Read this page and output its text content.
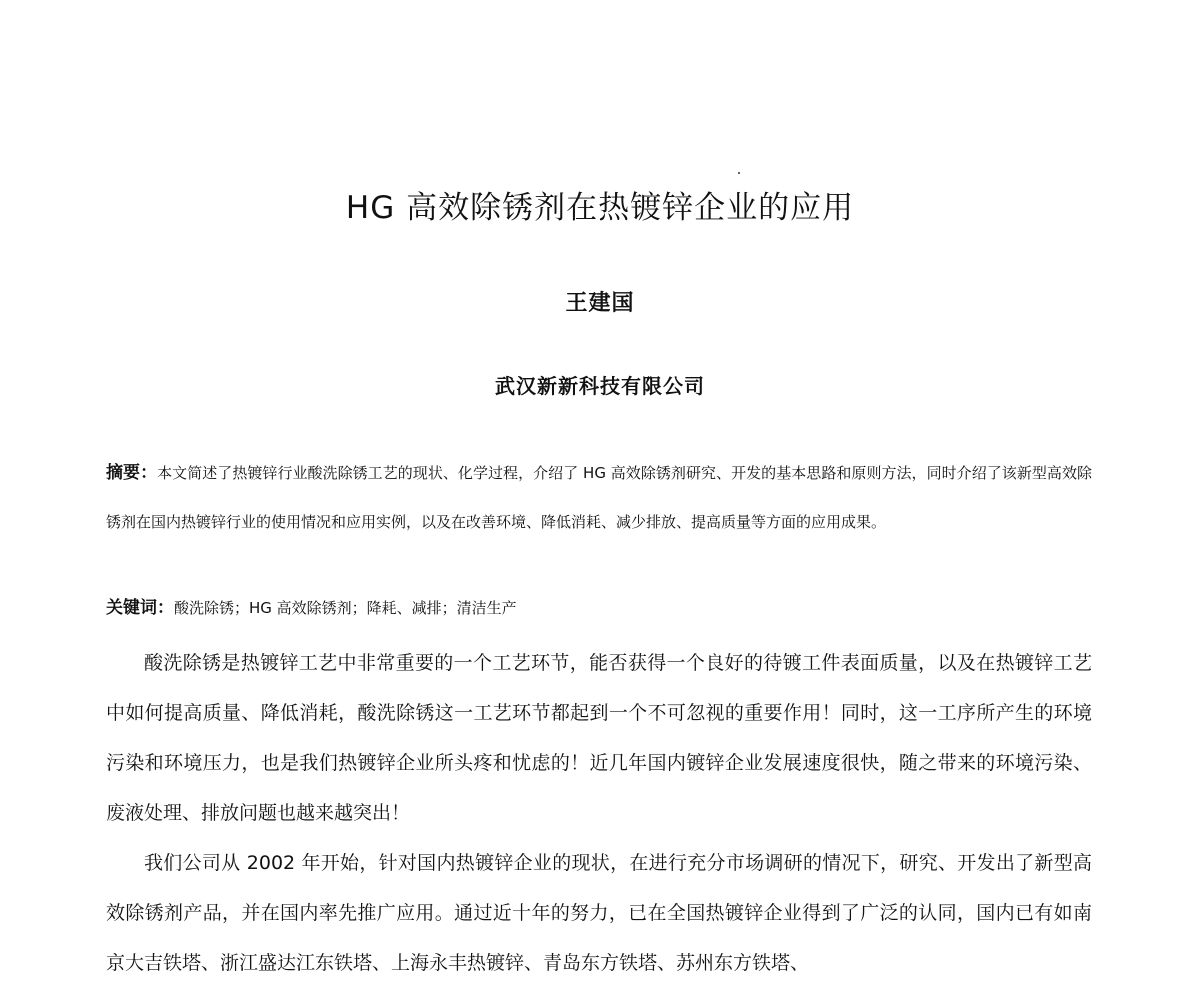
HG 高效除锈剂在热镀锌企业的应用
王建国
武汉新新科技有限公司
摘要：本文简述了热镀锌行业酸洗除锈工艺的现状、化学过程，介绍了 HG 高效除锈剂研究、开发的基本思路和原则方法，同时介绍了该新型高效除锈剂在国内热镀锌行业的使用情况和应用实例，以及在改善环境、降低消耗、减少排放、提高质量等方面的应用成果。
关键词：酸洗除锈；HG 高效除锈剂；降耗、减排；清洁生产

酸洗除锈是热镀锌工艺中非常重要的一个工艺环节，能否获得一个良好的待镀工件表面质量，以及在热镀锌工艺中如何提高质量、降低消耗，酸洗除锈这一工艺环节都起到一个不可忽视的重要作用！同时，这一工序所产生的环境污染和环境压力，也是我们热镀锌企业所头疼和忧虑的！近几年国内镀锌企业发展速度很快，随之带来的环境污染、废液处理、排放问题也越来越突出！

我们公司从 2002 年开始，针对国内热镀锌企业的现状，在进行充分市场调研的情况下，研究、开发出了新型高效除锈剂产品，并在国内率先推广应用。通过近十年的努力，已在全国热镀锌企业得到了广泛的认同，国内已有如南京大吉铁塔、浙江盛达江东铁塔、上海永丰热镀锌、青岛东方铁塔、苏州东方铁塔、
